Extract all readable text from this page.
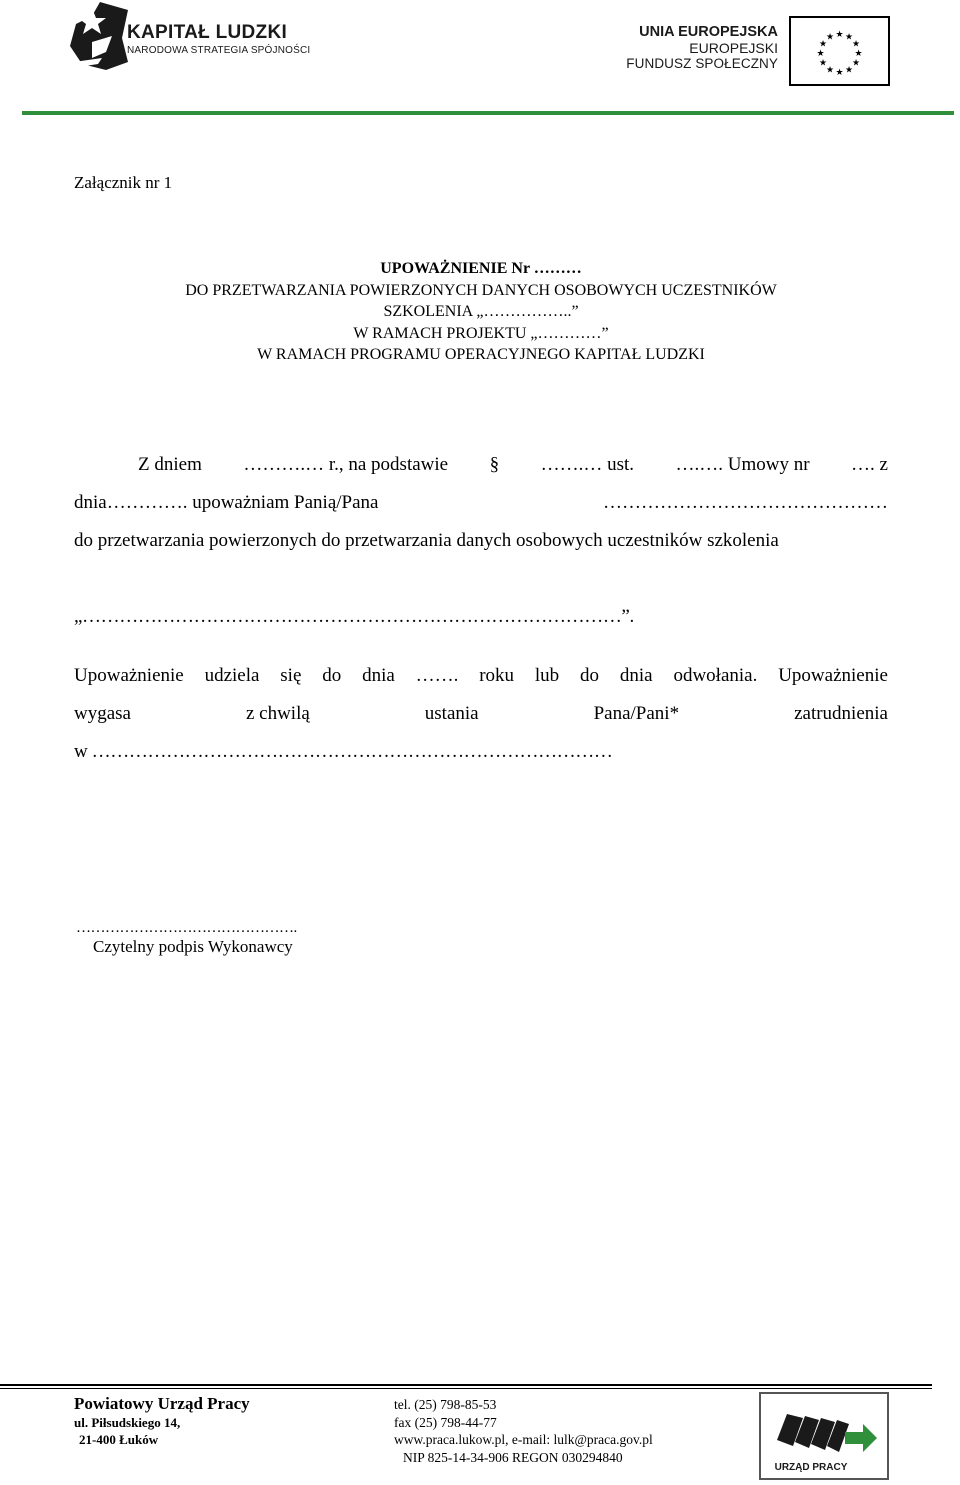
KAPITAŁ LUDZKI
NARODOWA STRATEGIA SPÓJNOŚCI
UNIA EUROPEJSKA
EUROPEJSKI
FUNDUSZ SPOŁECZNY
★ ★
★
★
★
★
★
★
★
★
★
★
Załącznik nr 1
UPOWAŻNIENIE Nr ………
DO PRZETWARZANIA POWIERZONYCH DANYCH OSOBOWYCH UCZESTNIKÓW
SZKOLENIA „……………..”
W RAMACH PROJEKTU „…………”
W RAMACH PROGRAMU OPERACYJNEGO KAPITAŁ LUDZKI
Z dniem ……….… r., na podstawie § …….… ust. ….…. Umowy nr …. z
dnia…………. upoważniam Panią/Pana	………………………………………
do przetwarzania powierzonych do przetwarzania danych osobowych uczestników szkolenia
„……………………………………………………………………………”.
Upoważnienie udziela się do dnia ……. roku lub do dnia odwołania. Upoważnienie
wygasa	z chwilą	ustania	Pana/Pani*	zatrudnienia
w …………………………………………………………………………
……………………………………….
Czytelny podpis Wykonawcy
Powiatowy Urząd Pracy
ul. Piłsudskiego 14,
21-400 Łuków
tel. (25) 798-85-53
fax (25) 798-44-77
www.praca.lukow.pl, e-mail: lulk@praca.gov.pl
NIP 825-14-34-906 REGON 030294840
URZĄD PRACY
